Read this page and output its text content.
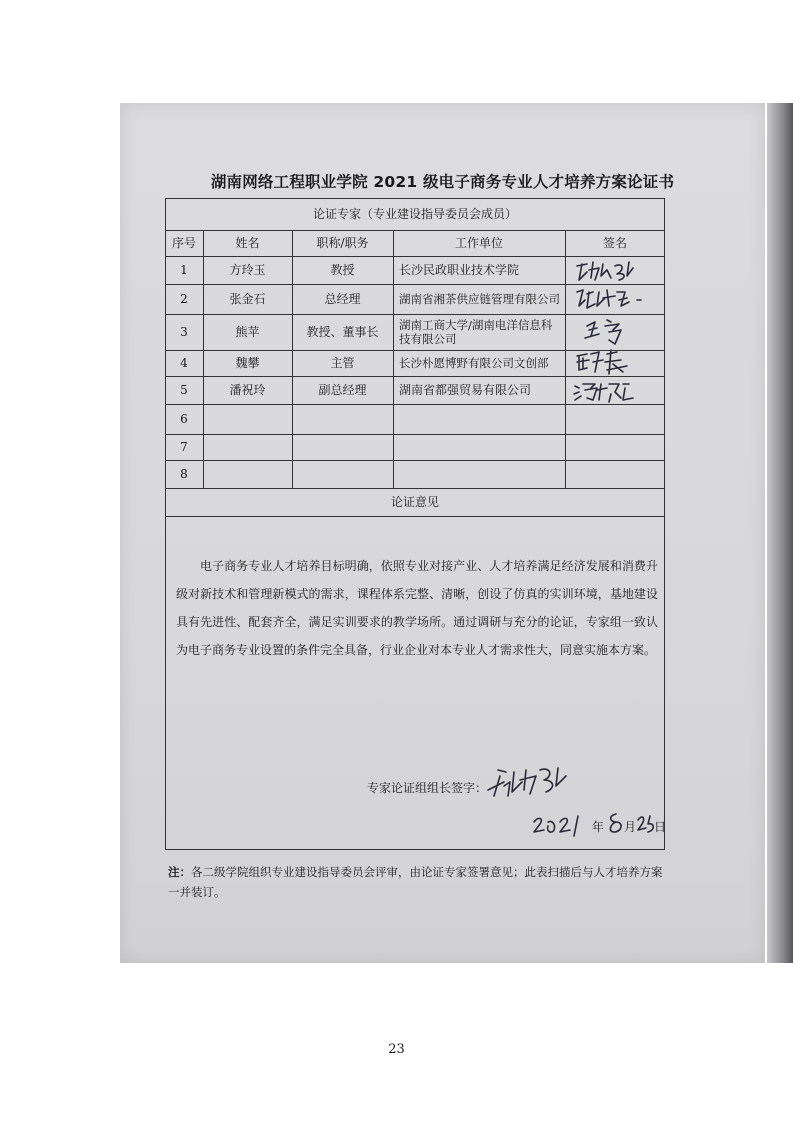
湖南网络工程职业学院 2021 级电子商务专业人才培养方案论证书
论证专家（专业建设指导委员会成员）
序号	姓名	职称/职务	工作单位	签名
1	方玲玉	教授	长沙民政职业技术学院
2	张金石	总经理	湖南省湘茶供应链管理有限公司
3	熊苹	教授、董事长	湖南工商大学/湖南电洋信息科技有限公司
4	魏攀	主管	长沙朴愿博野有限公司文创部
5	潘祝玲	副总经理	湖南省都强贸易有限公司
6
7
8
论证意见
电子商务专业人才培养目标明确，依照专业对接产业、人才培养满足经济发展和消费升级对新技术和管理新模式的需求，课程体系完整、清晰，创设了仿真的实训环境，基地建设具有先进性、配套齐全，满足实训要求的教学场所。通过调研与充分的论证，专家组一致认为电子商务专业设置的条件完全具备，行业企业对本专业人才需求性大，同意实施本方案。
专家论证组组长签字：
年 月 日
注：各二级学院组织专业建设指导委员会评审，由论证专家签署意见；此表扫描后与人才培养方案一并装订。
23
